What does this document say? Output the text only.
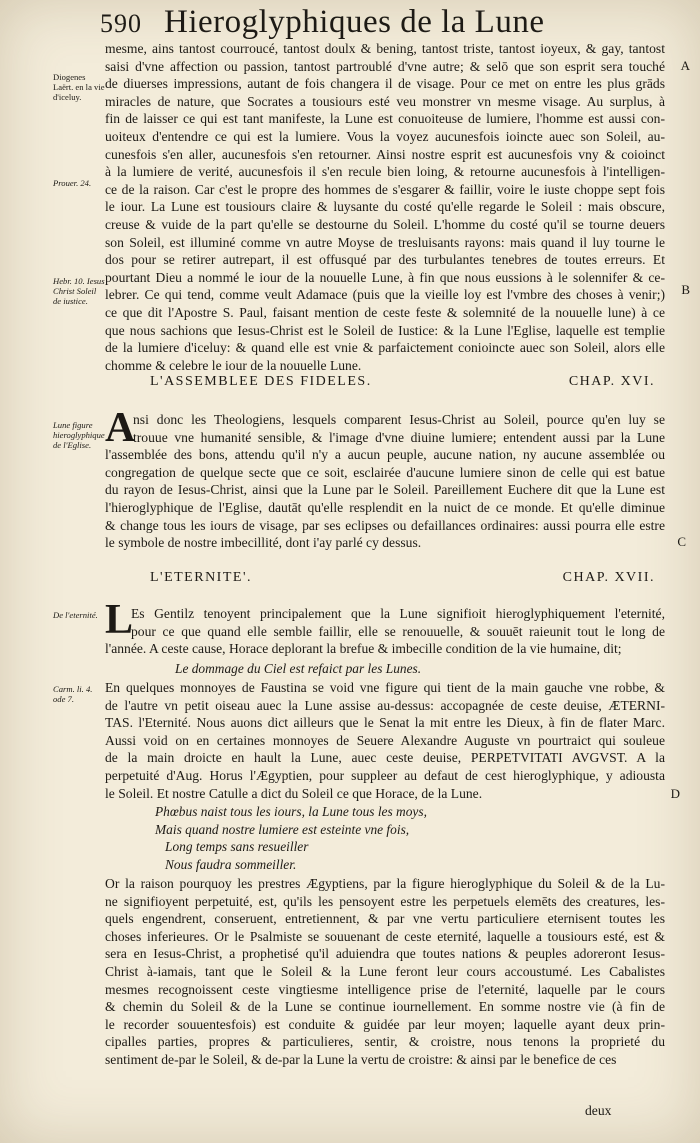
590 Hieroglyphiques de la Lune
Diogenes Laërt. en la vie d'iceluy.
Prouer. 24.
Hebr. 10. Iesus Christ Soleil de iustice.
Lune figure hieroglyphique de l'Eglise.
De l'eternité.
Carm. li. 4. ode 7.
L'ASSEMBLEE DES FIDELES.	CHAP. XVI.
A
L'ETERNITE'.	CHAP. XVII.
L
deux
mesme, ains tantost courroucé, tantost doulx & bening, tantost triste, tantost ioyeux, & gay, tantost
saisi d'vne affection ou passion, tantost partroublé d'vne autre; & selō que son esprit sera touché
de diuerses impressions, autant de fois changera il de visage. Pour ce met on entre les plus grāds
miracles de nature, que Socrates a tousiours esté veu monstrer vn mesme visage. Au surplus, à
fin de laisser ce qui est tant manifeste, la Lune est conuoiteuse de lumiere, l'homme est aussi con-
uoiteux d'entendre ce qui est la lumiere. Vous la voyez aucunesfois ioincte auec son Soleil, au-
cunesfois s'en aller, aucunesfois s'en retourner. Ainsi nostre esprit est aucunesfois vny & coioinct
à la lumiere de verité, aucunesfois il s'en recule bien loing, & retourne aucunesfois à l'intelligen-
ce de la raison. Car c'est le propre des hommes de s'esgarer & faillir, voire le iuste choppe sept fois
le iour. La Lune est tousiours claire & luysante du costé qu'elle regarde le Soleil : mais obscure,
creuse & vuide de la part qu'elle se destourne du Soleil. L'homme du costé qu'il se tourne deuers
son Soleil, est illuminé comme vn autre Moyse de tresluisants rayons: mais quand il luy tourne le
dos pour se retirer autrepart, il est offusqué par des turbulantes tenebres de toutes erreurs. Et
pourtant Dieu a nommé le iour de la nouuelle Lune, à fin que nous eussions à le solennifer & ce-
lebrer. Ce qui tend, comme veult Adamace (puis que la vieille loy est l'vmbre des choses à venir;)
ce que dit l'Apostre S. Paul, faisant mention de ceste feste & solemnité de la nouuelle lune) à ce
que nous sachions que Iesus-Christ est le Soleil de Iustice: & la Lune l'Eglise, laquelle est templie
de la lumiere d'iceluy: & quand elle est vnie & parfaictement conioincte auec son Soleil, alors elle
chomme & celebre le iour de la nouuelle Lune.
nsi donc les Theologiens, lesquels comparent Iesus-Christ au Soleil, pource qu'en luy se
trouue vne humanité sensible, & l'image d'vne diuine lumiere; entendent aussi par la Lune
l'assemblée des bons, attendu qu'il n'y a aucun peuple, aucune nation, ny aucune assemblée ou
congregation de quelque secte que ce soit, esclairée d'aucune lumiere sinon de celle qui est batue
du rayon de Iesus-Christ, ainsi que la Lune par le Soleil. Pareillement Euchere dit que la Lune est
l'hieroglyphique de l'Eglise, dautāt qu'elle resplendit en la nuict de ce monde. Et qu'elle diminue
& change tous les iours de visage, par ses eclipses ou defaillances ordinaires: aussi pourra elle estre
le symbole de nostre imbecillité, dont i'ay parlé cy dessus.
Es Gentilz tenoyent principalement que la Lune signifioit hieroglyphiquement l'eternité,
pour ce que quand elle semble faillir, elle se renouuelle, & souuēt raieunit tout le long de
l'année. A ceste cause, Horace deplorant la brefue & imbecille condition de la vie humaine, dit;
Le dommage du Ciel est refaict par les Lunes.
En quelques monnoyes de Faustina se void vne figure qui tient de la main gauche vne robbe, &
de l'autre vn petit oiseau auec la Lune assise au-dessus: accopagnée de ceste deuise, ÆTERNI-
TAS. l'Eternité. Nous auons dict ailleurs que le Senat la mit entre les Dieux, à fin de flater Marc.
Aussi void on en certaines monnoyes de Seuere Alexandre Auguste vn pourtraict qui souleue
de la main droicte en hault la Lune, auec ceste deuise, PERPETVITATI AVGVST. A la
perpetuité d'Aug. Horus l'Ægyptien, pour suppleer au defaut de cest hieroglyphique, y adiousta
le Soleil. Et nostre Catulle a dict du Soleil ce que Horace, de la Lune.
Phœbus naist tous les iours, la Lune tous les moys,
Mais quand nostre lumiere est esteinte vne fois,
Long temps sans resueiller
Nous faudra sommeiller.
Or la raison pourquoy les prestres Ægyptiens, par la figure hieroglyphique du Soleil & de la Lu-
ne signifioyent perpetuité, est, qu'ils les pensoyent estre les perpetuels elemēts des creatures, les-
quels engendrent, conseruent, entretiennent, & par vne vertu particuliere eternisent toutes les
choses inferieures. Or le Psalmiste se souuenant de ceste eternité, laquelle a tousiours esté, est &
sera en Iesus-Christ, a prophetisé qu'il aduiendra que toutes nations & peuples adoreront Iesus-
Christ à-iamais, tant que le Soleil & la Lune feront leur cours accoustumé. Les Cabalistes
mesmes recognoissent ceste vingtiesme intelligence prise de l'eternité, laquelle par le cours
& chemin du Soleil & de la Lune se continue iournellement. En somme nostre vie (à fin de
le recorder souuentesfois) est conduite & guidée par leur moyen; laquelle ayant deux prin-
cipalles parties, propres & particulieres, sentir, & croistre, nous tenons la proprieté du
sentiment de-par le Soleil, & de-par la Lune la vertu de croistre: & ainsi par le benefice de ces
A
B
C
D
